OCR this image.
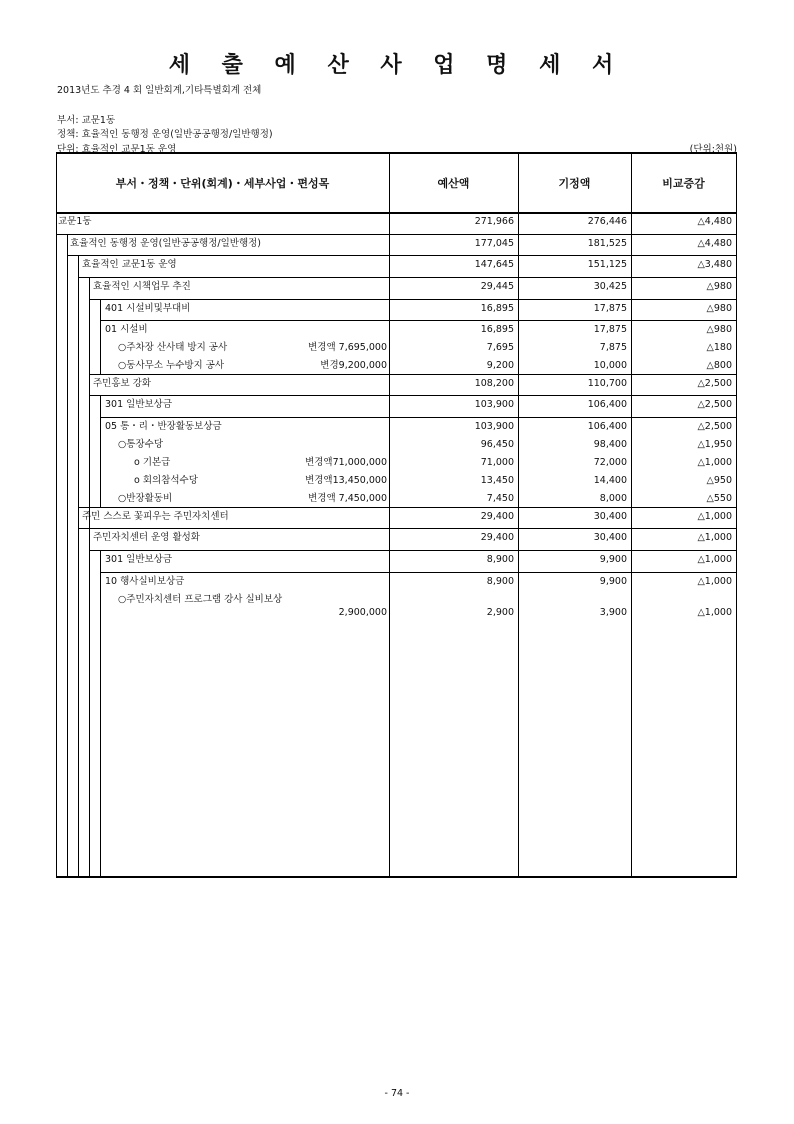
세 출 예 산 사 업 명 세 서
2013년도 추경 4 회 일반회계,기타특별회계 전체
부서: 교문1동
정책: 효율적인 동행정 운영(일반공공행정/일반행정)
단위: 효율적인 교문1동 운영	(단위:천원)
부서・정책・단위(회계)・세부사업・편성목	예산액	기정액	비교증감
교문1동	271,966	276,446	△4,480
효율적인 동행정 운영(일반공공행정/일반행정)	177,045	181,525	△4,480
효율적인 교문1동 운영	147,645	151,125	△3,480
효율적인 시책업무 추진	29,445	30,425	△980
401 시설비및부대비	16,895	17,875	△980
01 시설비	16,895	17,875	△980
○주차장 산사태 방지 공사	변경액 7,695,000	7,695	7,875	△180
○동사무소 누수방지 공사	변경9,200,000	9,200	10,000	△800
주민홍보 강화	108,200	110,700	△2,500
301 일반보상금	103,900	106,400	△2,500
05 통・리・반장활동보상금	103,900	106,400	△2,500
○통장수당	96,450	98,400	△1,950
o 기본급	변경액71,000,000	71,000	72,000	△1,000
o 회의참석수당	변경액13,450,000	13,450	14,400	△950
○반장활동비	변경액 7,450,000	7,450	8,000	△550
주민 스스로 꽃피우는 주민자치센터	29,400	30,400	△1,000
주민자치센터 운영 활성화	29,400	30,400	△1,000
301 일반보상금	8,900	9,900	△1,000
10 행사실비보상금	8,900	9,900	△1,000
○주민자치센터 프로그램 강사 실비보상
2,900,000	2,900	3,900	△1,000
- 74 -
